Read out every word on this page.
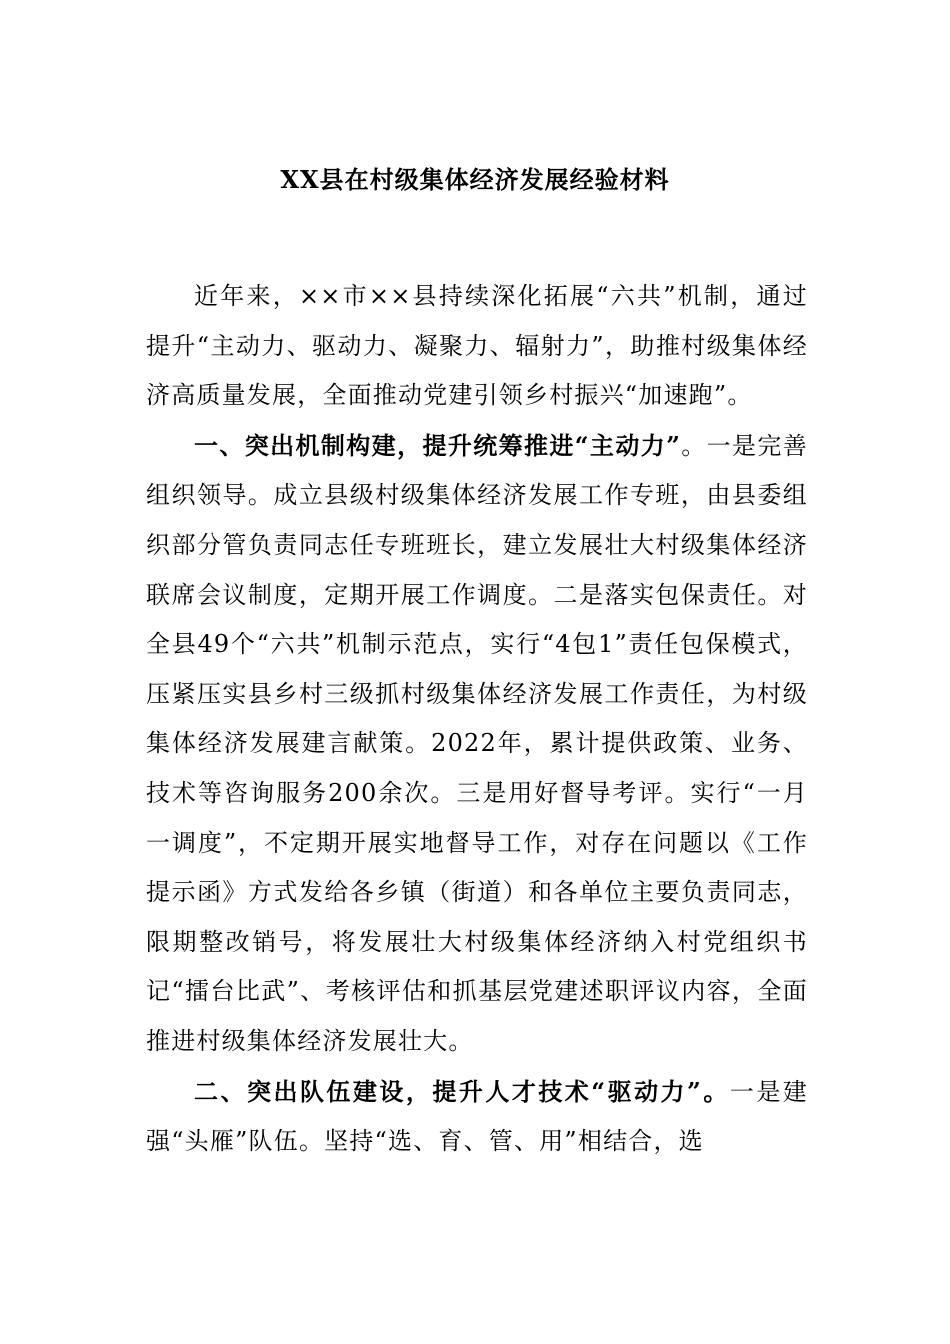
XX县在村级集体经济发展经验材料

近年来，××市××县持续深化拓展“六共”机制，通过提升“主动力、驱动力、凝聚力、辐射力”，助推村级集体经济高质量发展，全面推动党建引领乡村振兴“加速跑”。

一、突出机制构建，提升统筹推进“主动力”。一是完善组织领导。成立县级村级集体经济发展工作专班，由县委组织部分管负责同志任专班班长，建立发展壮大村级集体经济联席会议制度，定期开展工作调度。二是落实包保责任。对全县49个“六共”机制示范点，实行“4包1”责任包保模式，压紧压实县乡村三级抓村级集体经济发展工作责任，为村级集体经济发展建言献策。2022年，累计提供政策、业务、技术等咨询服务200余次。三是用好督导考评。实行“一月一调度”，不定期开展实地督导工作，对存在问题以《工作提示函》方式发给各乡镇（街道）和各单位主要负责同志，限期整改销号，将发展壮大村级集体经济纳入村党组织书记“擂台比武”、考核评估和抓基层党建述职评议内容，全面推进村级集体经济发展壮大。

二、突出队伍建设，提升人才技术“驱动力”。一是建强“头雁”队伍。坚持“选、育、管、用”相结合，选
